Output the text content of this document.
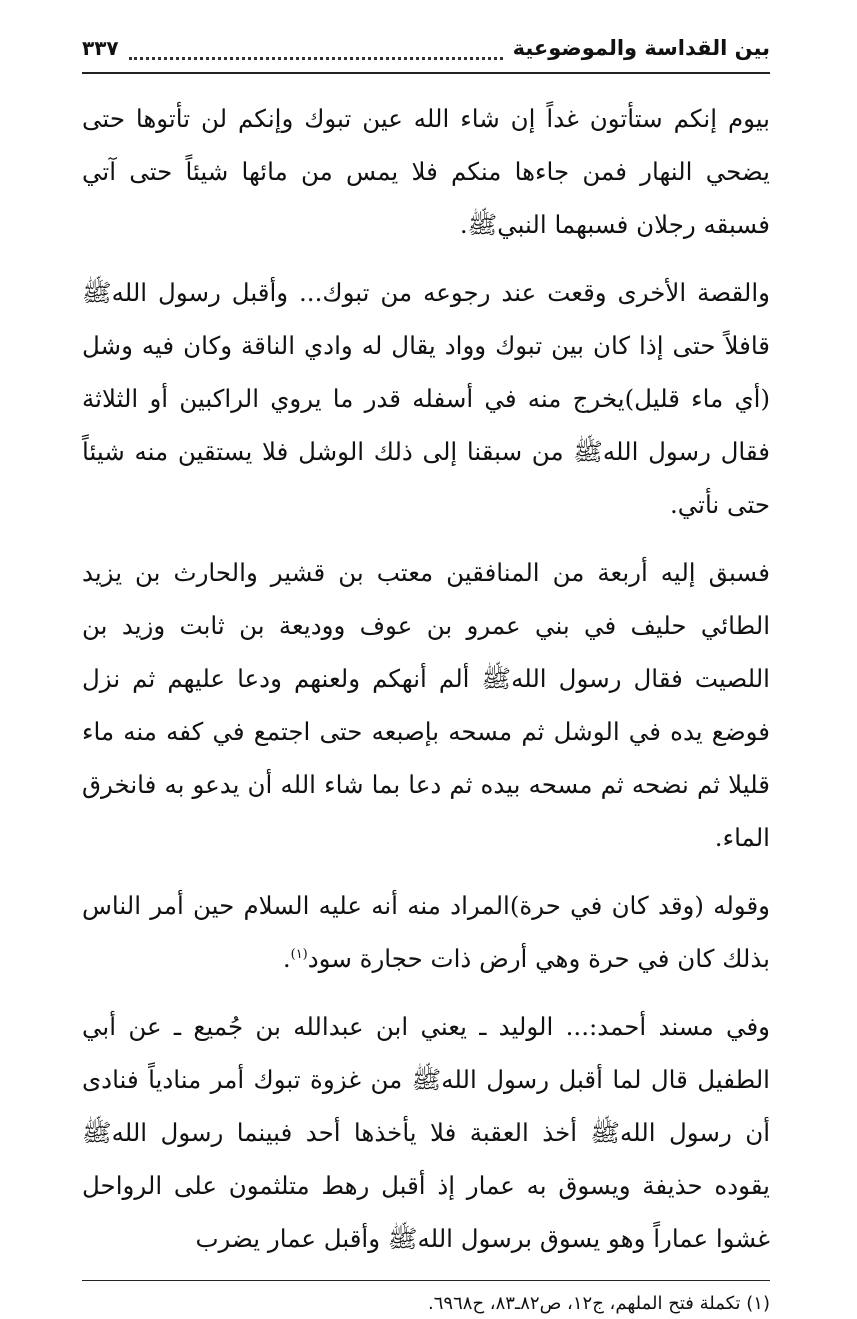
بين القداسة والموضوعية
٣٣٧

بيوم إنكم ستأتون غداً إن شاء الله عين تبوك وإنكم لن تأتوها حتى يضحي النهار فمن جاءها منكم فلا يمس من مائها شيئاً حتى آتي فسبقه رجلان فسبهما النبيﷺ.

والقصة الأخرى وقعت عند رجوعه من تبوك... وأقبل رسول اللهﷺ قافلاً حتى إذا كان بين تبوك وواد يقال له وادي الناقة وكان فيه وشل (أي ماء قليل)يخرج منه في أسفله قدر ما يروي الراكبين أو الثلاثة فقال رسول اللهﷺ من سبقنا إلى ذلك الوشل فلا يستقين منه شيئاً حتى نأتي.

فسبق إليه أربعة من المنافقين معتب بن قشير والحارث بن يزيد الطائي حليف في بني عمرو بن عوف ووديعة بن ثابت وزيد بن اللصيت فقال رسول اللهﷺ ألم أنهكم ولعنهم ودعا عليهم ثم نزل فوضع يده في الوشل ثم مسحه بإصبعه حتى اجتمع في كفه منه ماء قليلا ثم نضحه ثم مسحه بيده ثم دعا بما شاء الله أن يدعو به فانخرق الماء.

وقوله (وقد كان في حرة)المراد منه أنه عليه السلام حين أمر الناس بذلك كان في حرة وهي أرض ذات حجارة سود$^{(١)}$.

وفي مسند أحمد:... الوليد ـ يعني ابن عبدالله بن جُميع ـ عن أبي الطفيل قال لما أقبل رسول اللهﷺ من غزوة تبوك أمر منادياً فنادى أن رسول اللهﷺ أخذ العقبة فلا يأخذها أحد فبينما رسول اللهﷺ يقوده حذيفة ويسوق به عمار إذ أقبل رهط متلثمون على الرواحل غشوا عماراً وهو يسوق برسول اللهﷺ وأقبل عمار يضرب

(١) تكملة فتح الملهم، ج١٢، ص٨٢ـ٨٣، ح٦٩٦٨.
